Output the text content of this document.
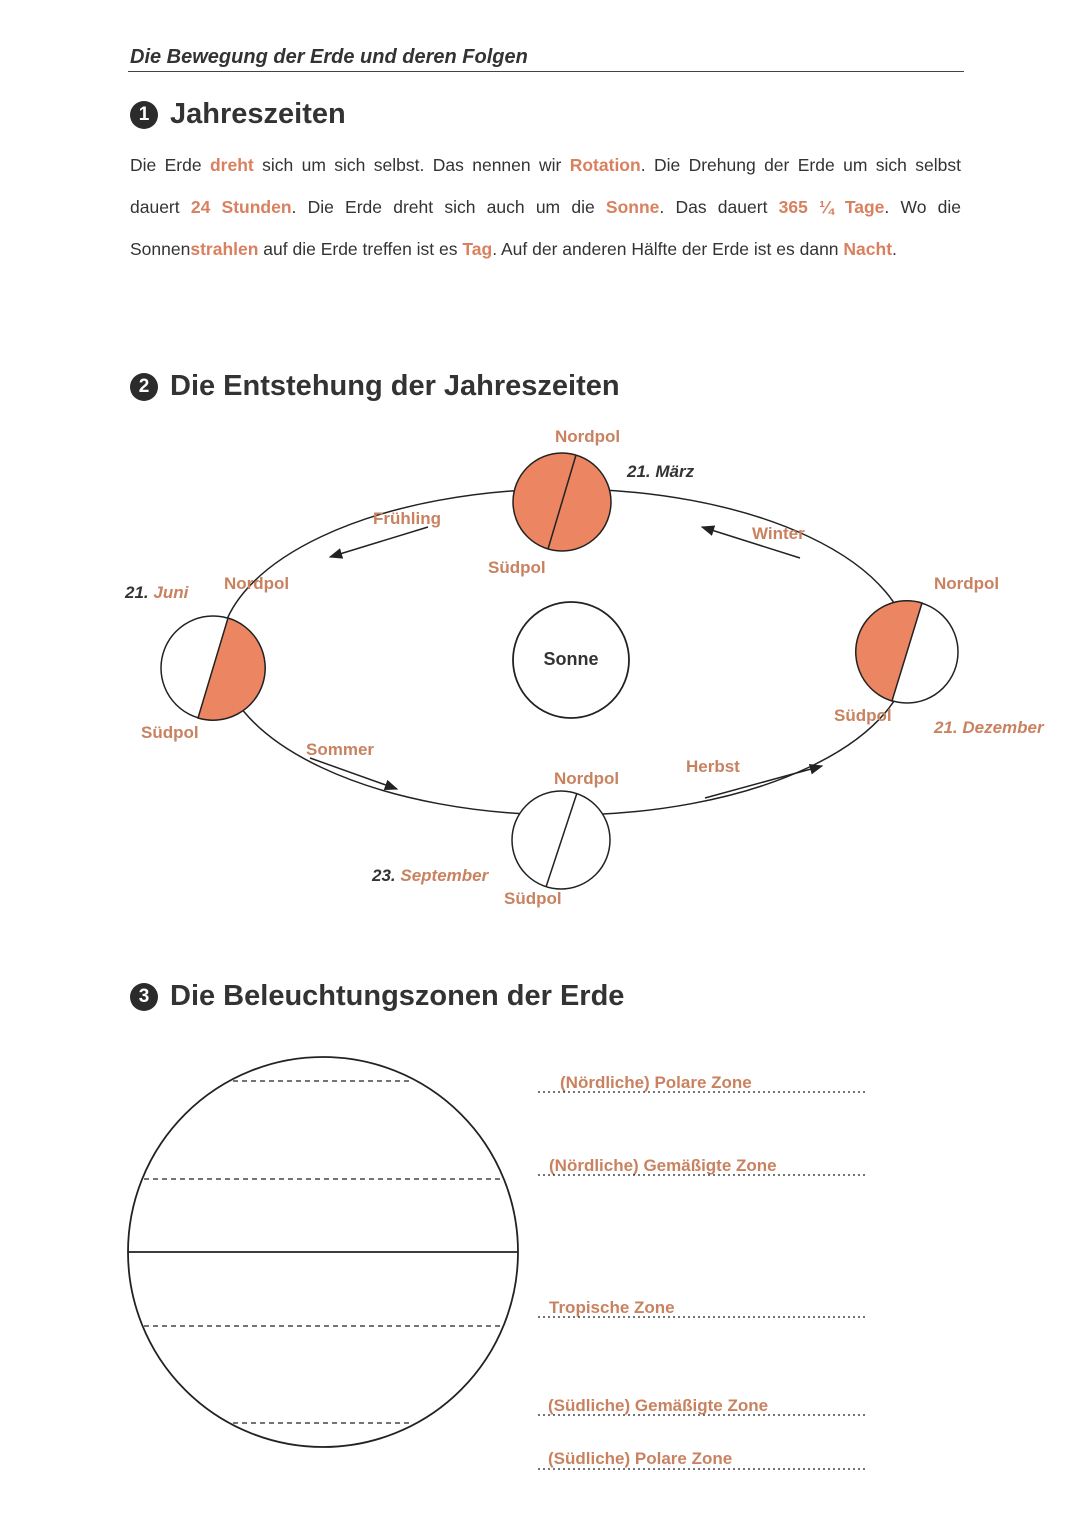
Die Bewegung der Erde und deren Folgen
1 Jahreszeiten
Die Erde dreht sich um sich selbst. Das nennen wir Rotation. Die Drehung der Erde um sich selbst
dauert 24 Stunden. Die Erde dreht sich auch um die Sonne. Das dauert 365 ¼ Tage. Wo die
Sonnenstrahlen auf die Erde treffen ist es Tag. Auf der anderen Hälfte der Erde ist es dann Nacht.
2 Die Entstehung der Jahreszeiten
Sonne
Nordpol
Südpol
Nordpol
Südpol
Nordpol
Südpol
Nordpol
Südpol
Frühling
Winter
Sommer
Herbst
21. März
21. Juni
21. Dezember
23. September
3 Die Beleuchtungszonen der Erde
(Nördliche) Polare Zone
(Nördliche) Gemäßigte Zone
Tropische Zone
(Südliche) Gemäßigte Zone
(Südliche) Polare Zone
